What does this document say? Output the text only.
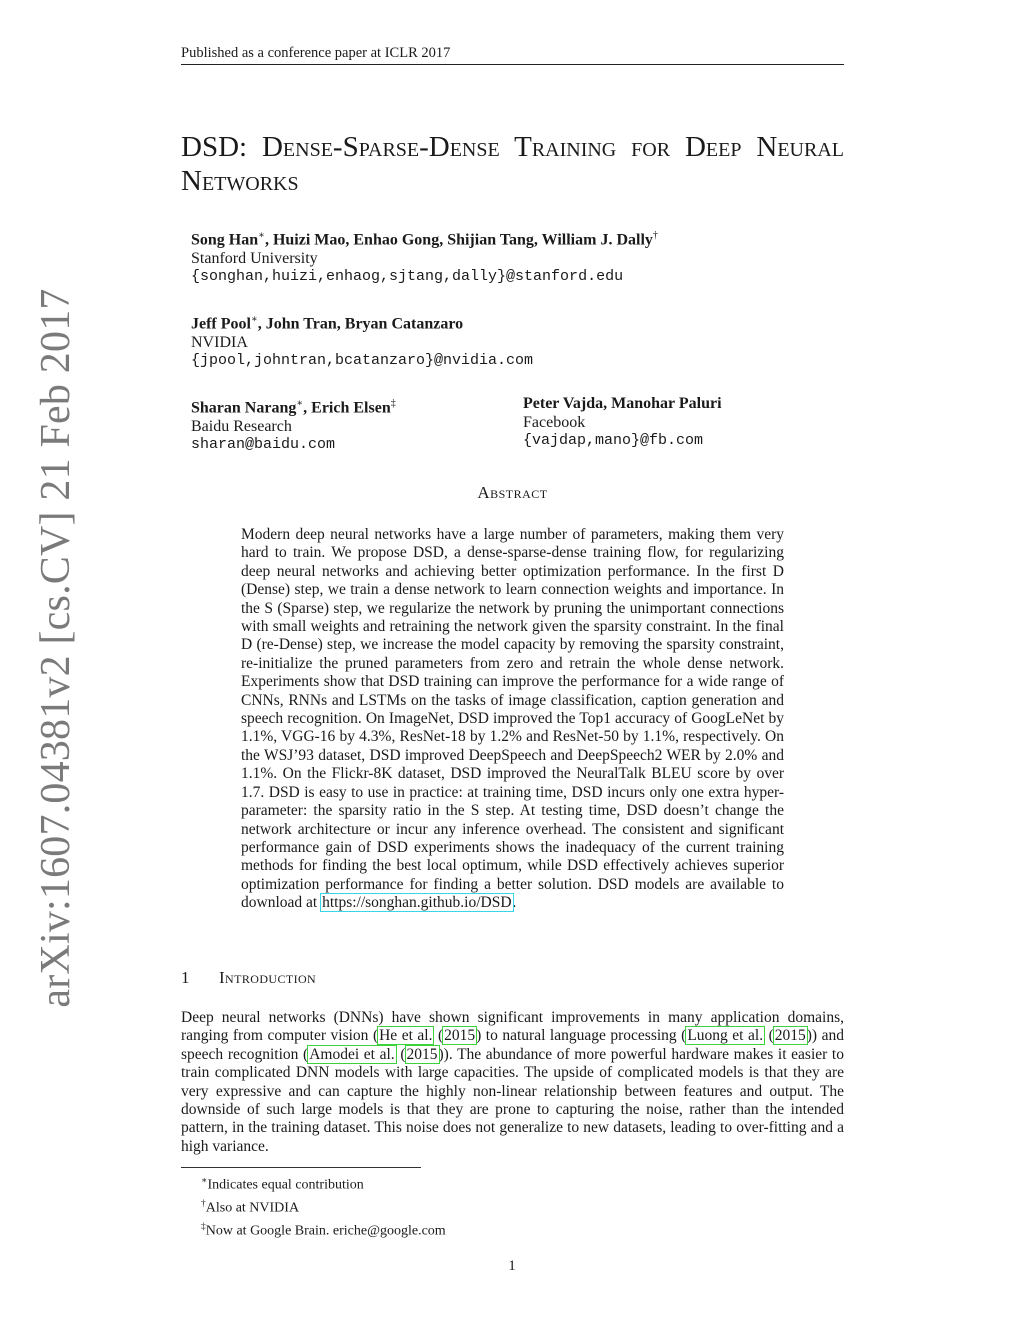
Published as a conference paper at ICLR 2017
arXiv:1607.04381v2 [cs.CV] 21 Feb 2017
DSD: Dense-Sparse-Dense Training for Deep Neural Networks
Song Han∗, Huizi Mao, Enhao Gong, Shijian Tang, William J. Dally†
Stanford University
{songhan,huizi,enhaog,sjtang,dally}@stanford.edu
Jeff Pool∗, John Tran, Bryan Catanzaro
NVIDIA
{jpool,johntran,bcatanzaro}@nvidia.com
Sharan Narang∗, Erich Elsen‡
Baidu Research
sharan@baidu.com
Peter Vajda, Manohar Paluri
Facebook
{vajdap,mano}@fb.com
Abstract

Modern deep neural networks have a large number of parameters, making them very hard to train. We propose DSD, a dense-sparse-dense training flow, for regularizing deep neural networks and achieving better optimization performance. In the first D (Dense) step, we train a dense network to learn connection weights and importance. In the S (Sparse) step, we regularize the network by pruning the unimportant connections with small weights and retraining the network given the sparsity constraint. In the final D (re-Dense) step, we increase the model capacity by removing the sparsity constraint, re-initialize the pruned parameters from zero and retrain the whole dense network. Experiments show that DSD training can improve the performance for a wide range of CNNs, RNNs and LSTMs on the tasks of image classification, caption generation and speech recognition. On ImageNet, DSD improved the Top1 accuracy of GoogLeNet by 1.1%, VGG-16 by 4.3%, ResNet-18 by 1.2% and ResNet-50 by 1.1%, respectively. On the WSJ’93 dataset, DSD improved DeepSpeech and DeepSpeech2 WER by 2.0% and 1.1%. On the Flickr-8K dataset, DSD improved the NeuralTalk BLEU score by over 1.7. DSD is easy to use in practice: at training time, DSD incurs only one extra hyper-parameter: the sparsity ratio in the S step. At testing time, DSD doesn’t change the network architecture or incur any inference overhead. The consistent and significant performance gain of DSD experiments shows the inadequacy of the current training methods for finding the best local optimum, while DSD effectively achieves superior optimization performance for finding a better solution. DSD models are available to download at https://songhan.github.io/DSD.

1 Introduction

Deep neural networks (DNNs) have shown significant improvements in many application domains, ranging from computer vision (He et al. (2015) to natural language processing (Luong et al. (2015)) and speech recognition (Amodei et al. (2015)). The abundance of more powerful hardware makes it easier to train complicated DNN models with large capacities. The upside of complicated models is that they are very expressive and can capture the highly non-linear relationship between features and output. The downside of such large models is that they are prone to capturing the noise, rather than the intended pattern, in the training dataset. This noise does not generalize to new datasets, leading to over-fitting and a high variance.

∗Indicates equal contribution
†Also at NVIDIA
‡Now at Google Brain. eriche@google.com
1
